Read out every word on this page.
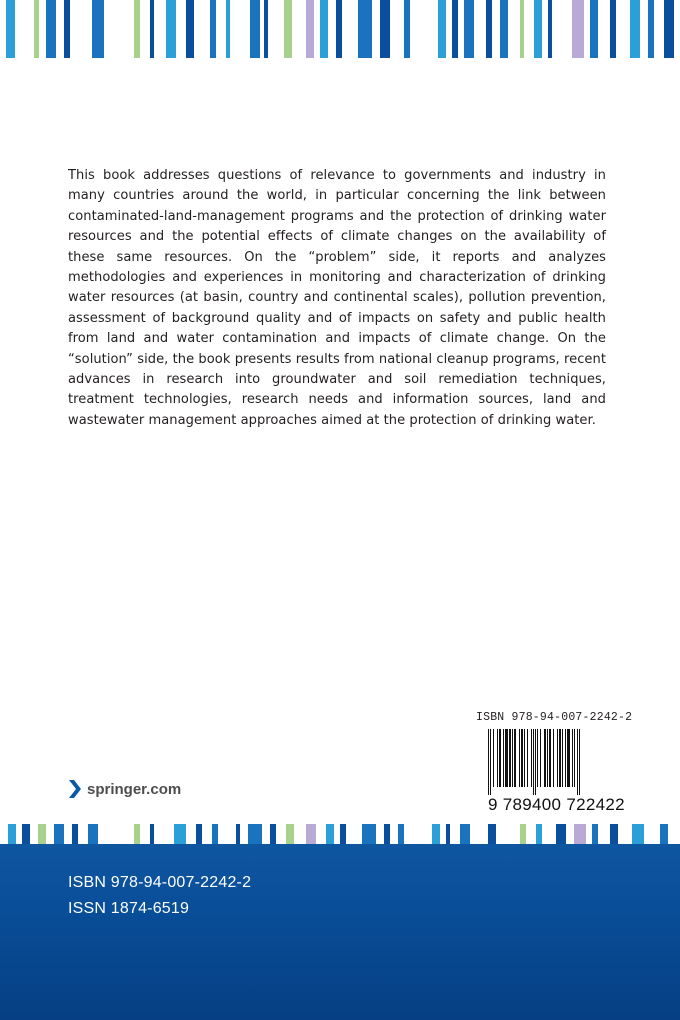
This book addresses questions of relevance to governments and industry in many countries around the world, in particular concerning the link between contaminated-land-management programs and the protection of drinking water resources and the potential effects of climate changes on the availability of these same resources. On the “problem” side, it reports and analyzes methodologies and experiences in monitoring and characterization of drinking water resources (at basin, country and continental scales), pollution prevention, assessment of background quality and of impacts on safety and public health from land and water contamination and impacts of climate change. On the “solution” side, the book presents results from national cleanup programs, recent advances in research into groundwater and soil remediation techniques, treatment technologies, research needs and information sources, land and wastewater management approaches aimed at the protection of drinking water.

ISBN 978-94-007-2242-2
9 789400 722422
springer.com
ISBN 978-94-007-2242-2
ISSN 1874-6519
